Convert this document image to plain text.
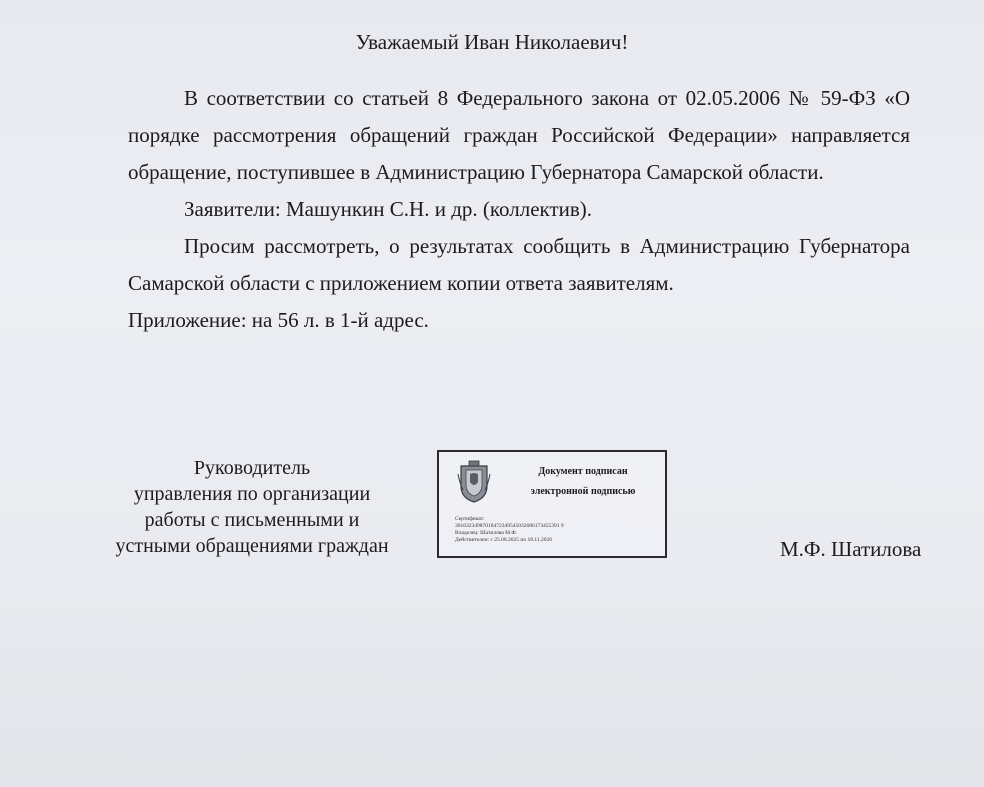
Уважаемый Иван Николаевич!

В соответствии со статьей 8 Федерального закона от 02.05.2006 № 59-ФЗ «О порядке рассмотрения обращений граждан Российской Федерации» направляется обращение, поступившее в Администрацию Губернатора Самарской области.

Заявители: Машункин С.Н. и др. (коллектив).

Просим рассмотреть, о результатах сообщить в Администрацию Губернатора Самарской области с приложением копии ответа заявителям.

Приложение: на 56 л. в 1-й адрес.

Руководитель
управления по организации
работы с письменными и
устными обращениями граждан
Документ подписан
электронной подписью
Сертификат:
30163234987018472349545032686173455391 9
Владелец: Шатилова М.Ф.
Действителен: с 25.08.2025 по 18.11.2026	М.Ф. Шатилова
